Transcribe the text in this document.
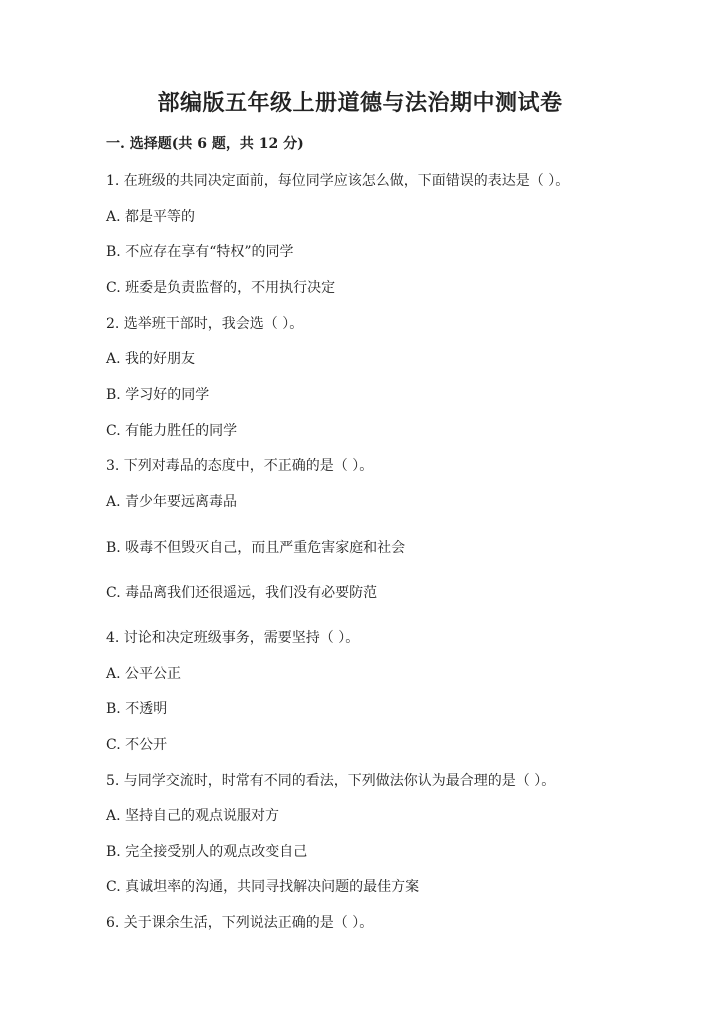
部编版五年级上册道德与法治期中测试卷
一. 选择题(共 6 题，共 12 分)
1. 在班级的共同决定面前，每位同学应该怎么做，下面错误的表达是（ ）。
A. 都是平等的
B. 不应存在享有“特权”的同学
C. 班委是负责监督的，不用执行决定
2. 选举班干部时，我会选（ ）。
A. 我的好朋友
B. 学习好的同学
C. 有能力胜任的同学
3. 下列对毒品的态度中，不正确的是（ ）。
A. 青少年要远离毒品
B. 吸毒不但毁灭自己，而且严重危害家庭和社会
C. 毒品离我们还很遥远，我们没有必要防范
4. 讨论和决定班级事务，需要坚持（ ）。
A. 公平公正
B. 不透明
C. 不公开
5. 与同学交流时，时常有不同的看法，下列做法你认为最合理的是（ ）。
A. 坚持自己的观点说服对方
B. 完全接受别人的观点改变自己
C. 真诚坦率的沟通，共同寻找解决问题的最佳方案
6. 关于课余生活，下列说法正确的是（ ）。
